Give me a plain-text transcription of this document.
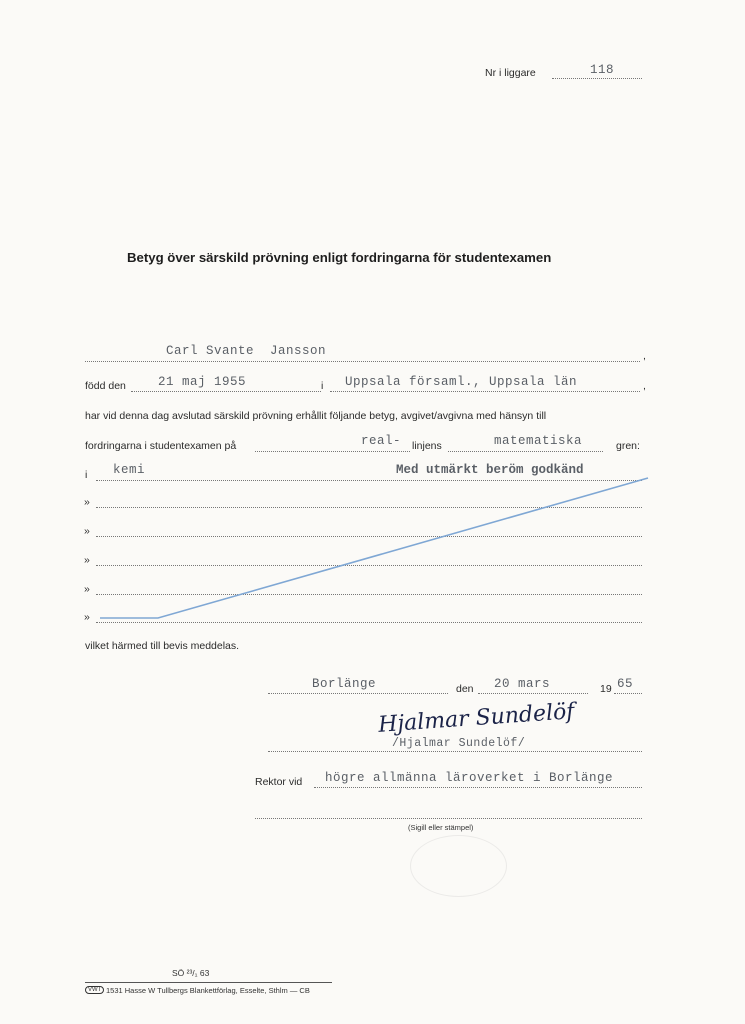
Nr i liggare	118
Betyg över särskild prövning enligt fordringarna för studentexamen
Carl Svante  Jansson	,
född den	21 maj 1955	i Uppsala församl., Uppsala län	,
har vid denna dag avslutad särskild prövning erhållit följande betyg, avgivet/avgivna med hänsyn till
fordringarna i studentexamen på	real- linjens	matematiska	gren:
i kemi	Med utmärkt beröm godkänd
»
»
»
»
»
vilket härmed till bevis meddelas.
Borlänge	den 20 mars	19 65
Hjalmar Sundelöf
/Hjalmar Sundelöf/
Rektor vid högre allmänna läroverket i Borlänge
(Sigill eller stämpel)
SÖ ²³/₁ 63
VWT 1531 Hasse W Tullbergs Blankettförlag, Esselte, Sthlm — CB
